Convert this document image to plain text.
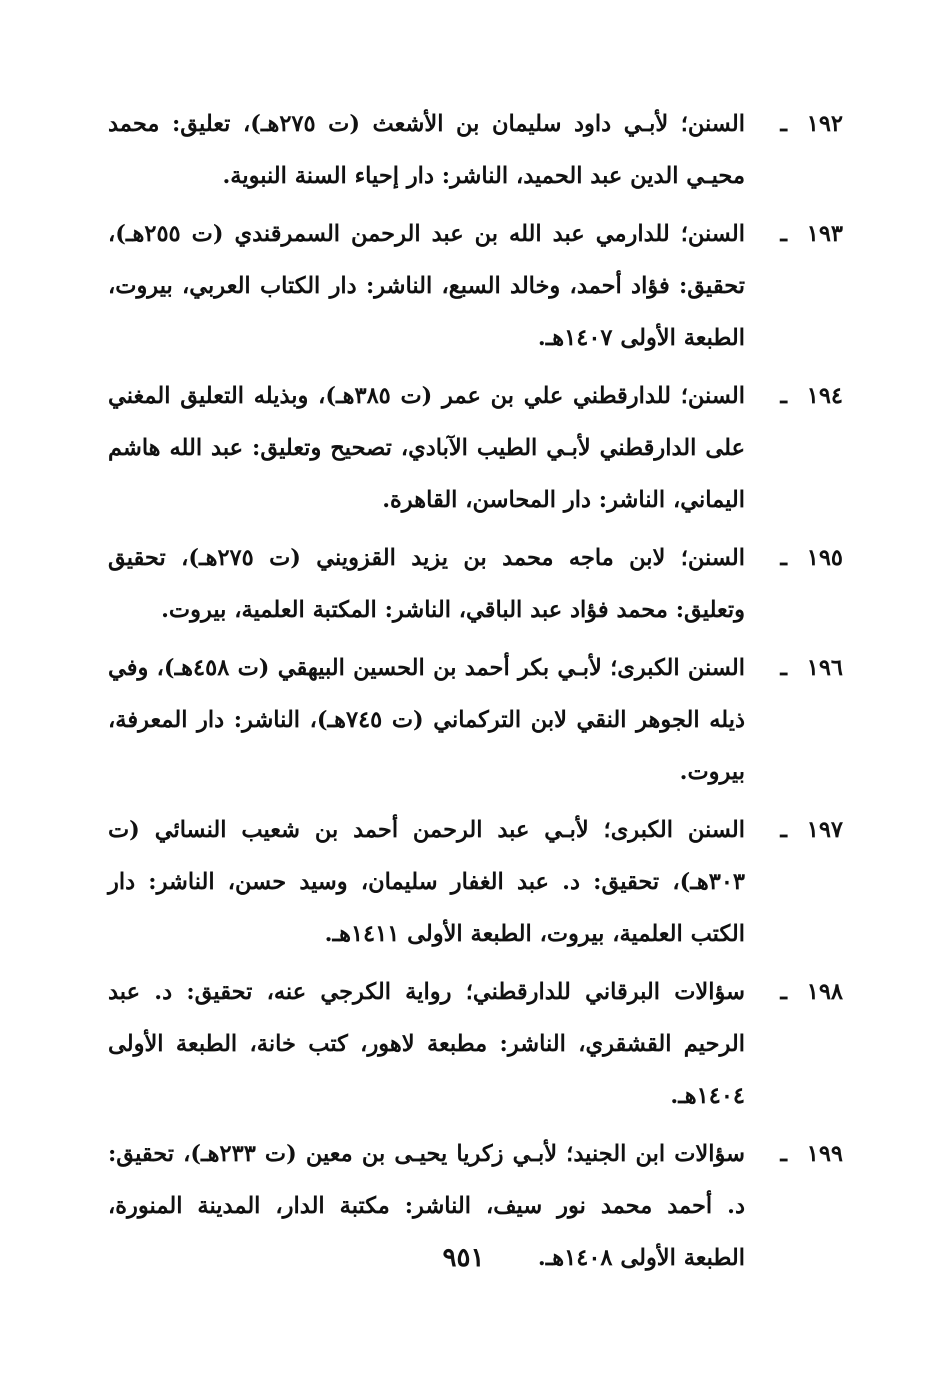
١٩٢
ـ
السنن؛ لأبـي داود سليمان بن الأشعث (ت ٢٧٥هـ)، تعليق: محمد محيـي الدين عبد الحميد، الناشر: دار إحياء السنة النبوية.
١٩٣
ـ
السنن؛ للدارمي عبد الله بن عبد الرحمن السمرقندي (ت ٢٥٥هـ)، تحقيق: فؤاد أحمد، وخالد السبع، الناشر: دار الكتاب العربي، بيروت، الطبعة الأولى ١٤٠٧هـ.
١٩٤
ـ
السنن؛ للدارقطني علي بن عمر (ت ٣٨٥هـ)، وبذيله التعليق المغني على الدارقطني لأبـي الطيب الآبادي، تصحيح وتعليق: عبد الله هاشم اليماني، الناشر: دار المحاسن، القاهرة.
١٩٥
ـ
السنن؛ لابن ماجه محمد بن يزيد القزويني (ت ٢٧٥هـ)، تحقيق وتعليق: محمد فؤاد عبد الباقي، الناشر: المكتبة العلمية، بيروت.
١٩٦
ـ
السنن الكبرى؛ لأبـي بكر أحمد بن الحسين البيهقي (ت ٤٥٨هـ)، وفي ذيله الجوهر النقي لابن التركماني (ت ٧٤٥هـ)، الناشر: دار المعرفة، بيروت.
١٩٧
ـ
السنن الكبرى؛ لأبـي عبد الرحمن أحمد بن شعيب النسائي (ت ٣٠٣هـ)، تحقيق: د. عبد الغفار سليمان، وسيد حسن، الناشر: دار الكتب العلمية، بيروت، الطبعة الأولى ١٤١١هـ.
١٩٨
ـ
سؤالات البرقاني للدارقطني؛ رواية الكرجي عنه، تحقيق: د. عبد الرحيم القشقري، الناشر: مطبعة لاهور، كتب خانة، الطبعة الأولى ١٤٠٤هـ.
١٩٩
ـ
سؤالات ابن الجنيد؛ لأبـي زكريا يحيـى بن معين (ت ٢٣٣هـ)، تحقيق: د. أحمد محمد نور سيف، الناشر: مكتبة الدار، المدينة المنورة، الطبعة الأولى ١٤٠٨هـ.
٩٥١
